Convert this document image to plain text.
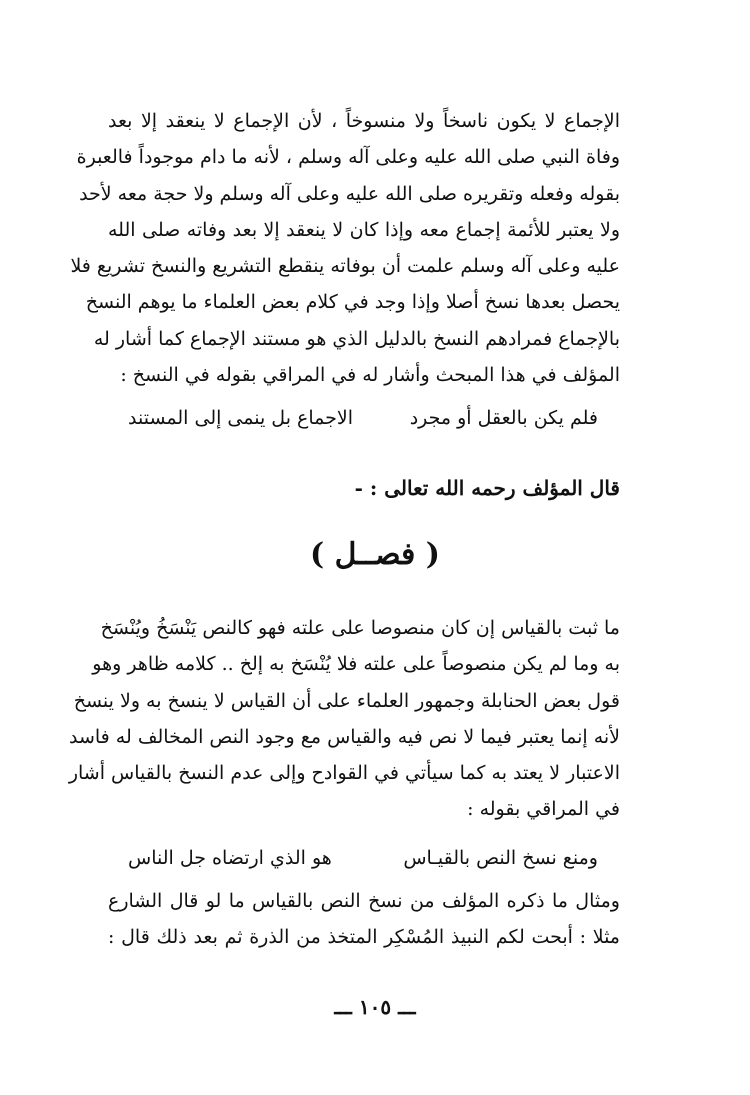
الإجماع لا يكون ناسخاً ولا منسوخاً ، لأن الإجماع لا ينعقد إلا بعد
وفاة النبي صلى الله عليه وعلى آله وسلم ، لأنه ما دام موجوداً فالعبرة
بقوله وفعله وتقريره صلى الله عليه وعلى آله وسلم ولا حجة معه لأحد
ولا يعتبر للأئمة إجماع معه وإذا كان لا ينعقد إلا بعد وفاته صلى الله
عليه وعلى آله وسلم علمت أن بوفاته ينقطع التشريع والنسخ تشريع فلا
يحصل بعدها نسخ أصلا وإذا وجد في كلام بعض العلماء ما يوهم النسخ
بالإجماع فمرادهم النسخ بالدليل الذي هو مستند الإجماع كما أشار له
المؤلف في هذا المبحث وأشار له في المراقي بقوله في النسخ :
فلم يكن بالعقل أو مجرد
الاجماع بل ينمى إلى المستند
قال المؤلف رحمه الله تعالى : -
( فصــل )
ما ثبت بالقياس إن كان منصوصا على علته فهو كالنص يَنْسَخُ ويُنْسَخ
به وما لم يكن منصوصاً على علته فلا يُنْسَخ به إلخ .. كلامه ظاهر وهو
قول بعض الحنابلة وجمهور العلماء على أن القياس لا ينسخ به ولا ينسخ
لأنه إنما يعتبر فيما لا نص فيه والقياس مع وجود النص المخالف له فاسد
الاعتبار لا يعتد به كما سيأتي في القوادح وإلى عدم النسخ بالقياس أشار
في المراقي بقوله :
ومنع نسخ النص بالقيـاس
هو الذي ارتضاه جل الناس
ومثال ما ذكره المؤلف من نسخ النص بالقياس ما لو قال الشارع
مثلا : أبحت لكم النبيذ المُسْكِر المتخذ من الذرة ثم بعد ذلك قال :
ـــ ١٠٥ ـــ
